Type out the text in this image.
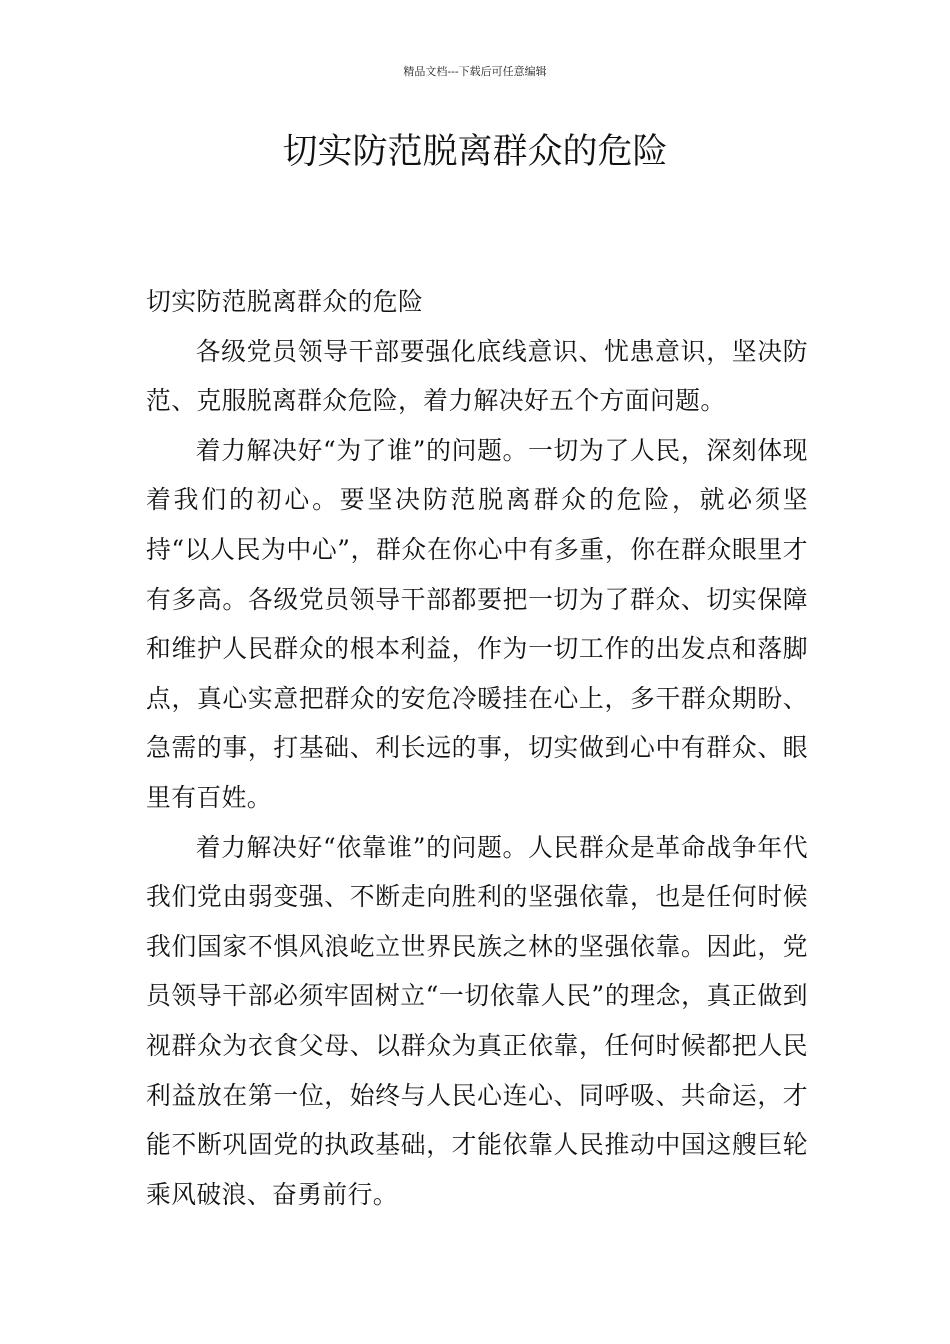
精品文档---下载后可任意编辑
切实防范脱离群众的危险

切实防范脱离群众的危险

各级党员领导干部要强化底线意识、忧患意识，坚决防范、克服脱离群众危险，着力解决好五个方面问题。

着力解决好“为了谁”的问题。一切为了人民，深刻体现着我们的初心。要坚决防范脱离群众的危险，就必须坚持“以人民为中心”，群众在你心中有多重，你在群众眼里才有多高。各级党员领导干部都要把一切为了群众、切实保障和维护人民群众的根本利益，作为一切工作的出发点和落脚点，真心实意把群众的安危冷暖挂在心上，多干群众期盼、急需的事，打基础、利长远的事，切实做到心中有群众、眼里有百姓。

着力解决好“依靠谁”的问题。人民群众是革命战争年代我们党由弱变强、不断走向胜利的坚强依靠，也是任何时候我们国家不惧风浪屹立世界民族之林的坚强依靠。因此，党员领导干部必须牢固树立“一切依靠人民”的理念，真正做到视群众为衣食父母、以群众为真正依靠，任何时候都把人民利益放在第一位，始终与人民心连心、同呼吸、共命运，才能不断巩固党的执政基础，才能依靠人民推动中国这艘巨轮乘风破浪、奋勇前行。
